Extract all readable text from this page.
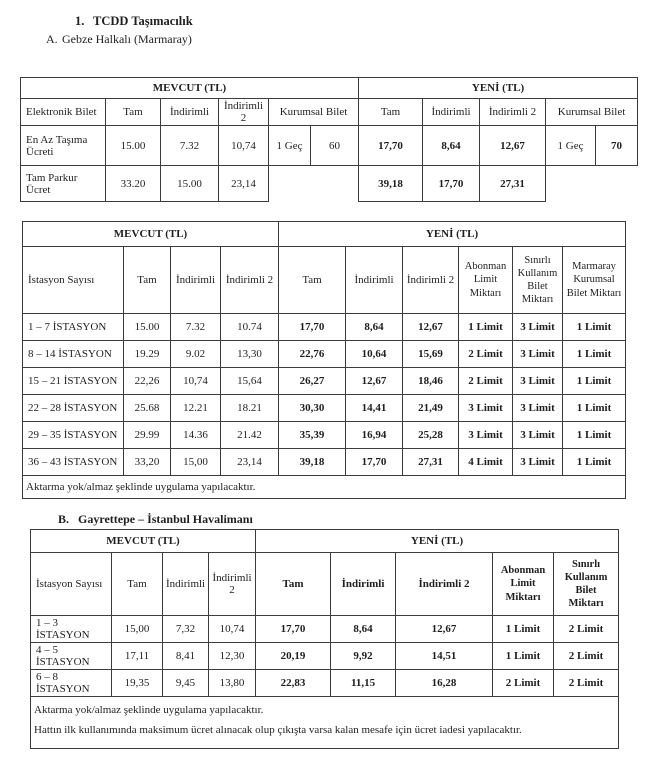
1. TCDD Taşımacılık
A. Gebze Halkalı (Marmaray)
MEVCUT (TL)						YENİ (TL)				
Elektronik Bilet	Tam	İndirimli	İndirimli 2	Kurumsal Bilet		Tam	İndirimli	İndirimli 2	Kurumsal Bilet	
En Az Taşıma Ücreti	15.00	7.32	10,74	1 Geç	60	17,70	8,64	12,67	1 Geç	70
Tam Parkur Ücret	33.20	15.00	23,14			39,18	17,70	27,31		
MEVCUT (TL)				YENİ (TL)					
İstasyon Sayısı	Tam	İndirimli	İndirimli 2	Tam	İndirimli	İndirimli 2	Abonman Limit Miktarı	Sınırlı Kullanım Bilet Miktarı	Marmaray Kurumsal Bilet Miktarı
1 – 7 İSTASYON	15.00	7.32	10.74	17,70	8,64	12,67	1 Limit	3 Limit	1 Limit
8 – 14 İSTASYON	19.29	9.02	13,30	22,76	10,64	15,69	2 Limit	3 Limit	1 Limit
15 – 21 İSTASYON	22,26	10,74	15,64	26,27	12,67	18,46	2 Limit	3 Limit	1 Limit
22 – 28 İSTASYON	25.68	12.21	18.21	30,30	14,41	21,49	3 Limit	3 Limit	1 Limit
29 – 35 İSTASYON	29.99	14.36	21.42	35,39	16,94	25,28	3 Limit	3 Limit	1 Limit
36 – 43 İSTASYON	33,20	15,00	23,14	39,18	17,70	27,31	4 Limit	3 Limit	1 Limit
Aktarma yok/almaz şeklinde uygulama yapılacaktır.									
B. Gayrettepe – İstanbul Havalimanı
MEVCUT (TL)				YENİ (TL)				
İstasyon Sayısı	Tam	İndirimli	İndirimli 2	Tam	İndirimli	İndirimli 2	Abonman Limit Miktarı	Sınırlı Kullanım Bilet Miktarı
1 – 3 İSTASYON	15,00	7,32	10,74	17,70	8,64	12,67	1 Limit	2 Limit
4 – 5 İSTASYON	17,11	8,41	12,30	20,19	9,92	14,51	1 Limit	2 Limit
6 – 8 İSTASYON	19,35	9,45	13,80	22,83	11,15	16,28	2 Limit	2 Limit

Aktarma yok/almaz şeklinde uygulama yapılacaktır.
Hattın ilk kullanımında maksimum ücret alınacak olup çıkışta varsa kalan mesafe için ücret iadesi yapılacaktır.								
